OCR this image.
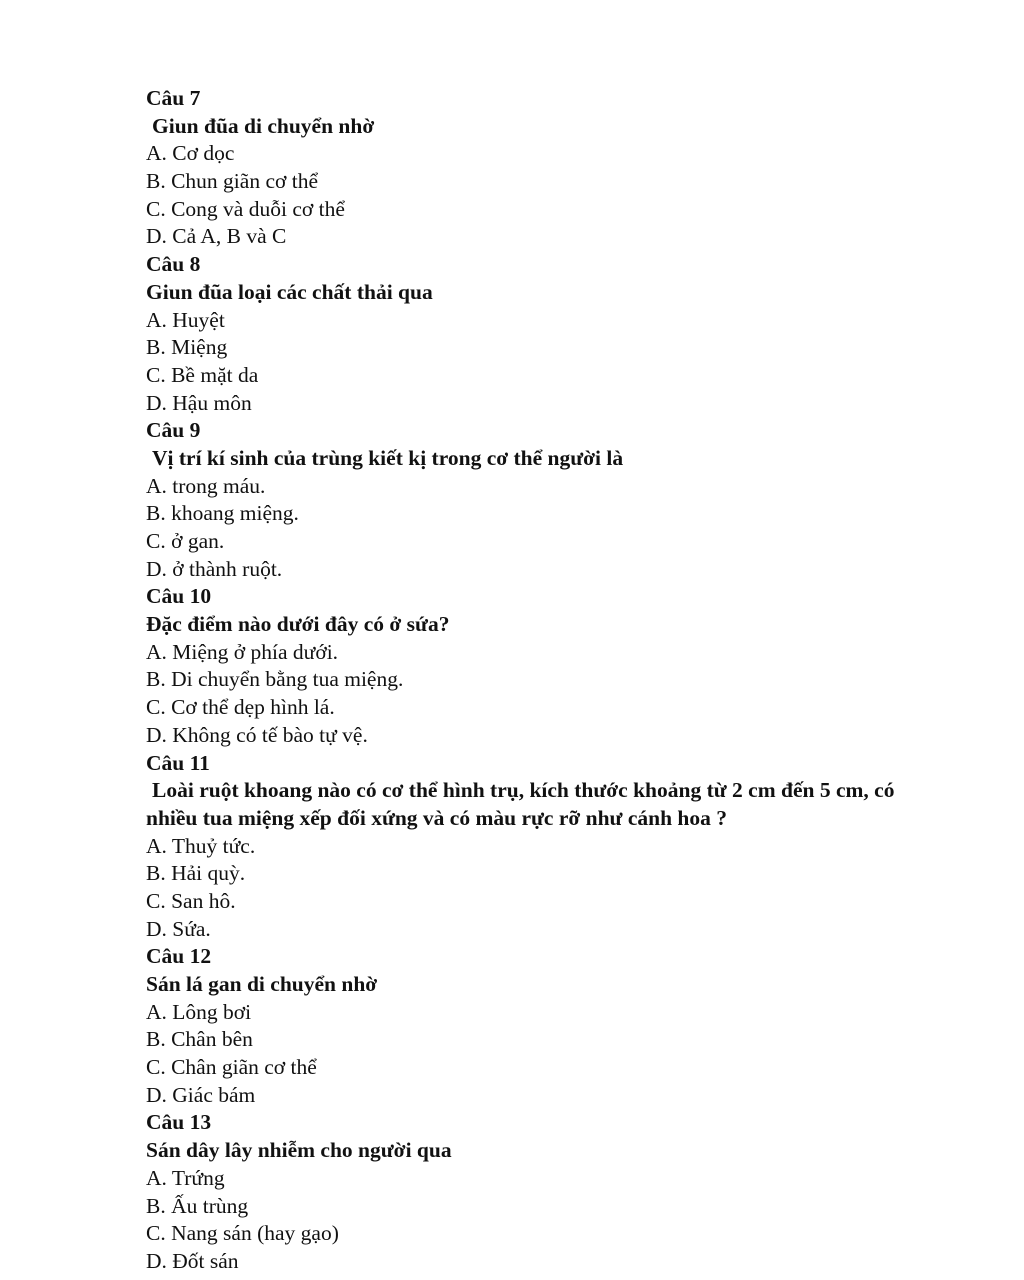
Câu 7
Giun đũa di chuyển nhờ
A. Cơ dọc
B. Chun giãn cơ thể
C. Cong và duỗi cơ thể
D. Cả A, B và C
Câu 8
Giun đũa loại các chất thải qua
A. Huyệt
B. Miệng
C. Bề mặt da
D. Hậu môn
Câu 9
Vị trí kí sinh của trùng kiết kị trong cơ thể người là
A. trong máu.
B. khoang miệng.
C. ở gan.
D. ở thành ruột.
Câu 10
Đặc điểm nào dưới đây có ở sứa?
A. Miệng ở phía dưới.
B. Di chuyển bằng tua miệng.
C. Cơ thể dẹp hình lá.
D. Không có tế bào tự vệ.
Câu 11
Loài ruột khoang nào có cơ thể hình trụ, kích thước khoảng từ 2 cm đến 5 cm, có nhiều tua miệng xếp đối xứng và có màu rực rỡ như cánh hoa ?
A. Thuỷ tức.
B. Hải quỳ.
C. San hô.
D. Sứa.
Câu 12
Sán lá gan di chuyển nhờ
A. Lông bơi
B. Chân bên
C. Chân giãn cơ thể
D. Giác bám
Câu 13
Sán dây lây nhiễm cho người qua
A. Trứng
B. Ấu trùng
C. Nang sán (hay gạo)
D. Đốt sán
